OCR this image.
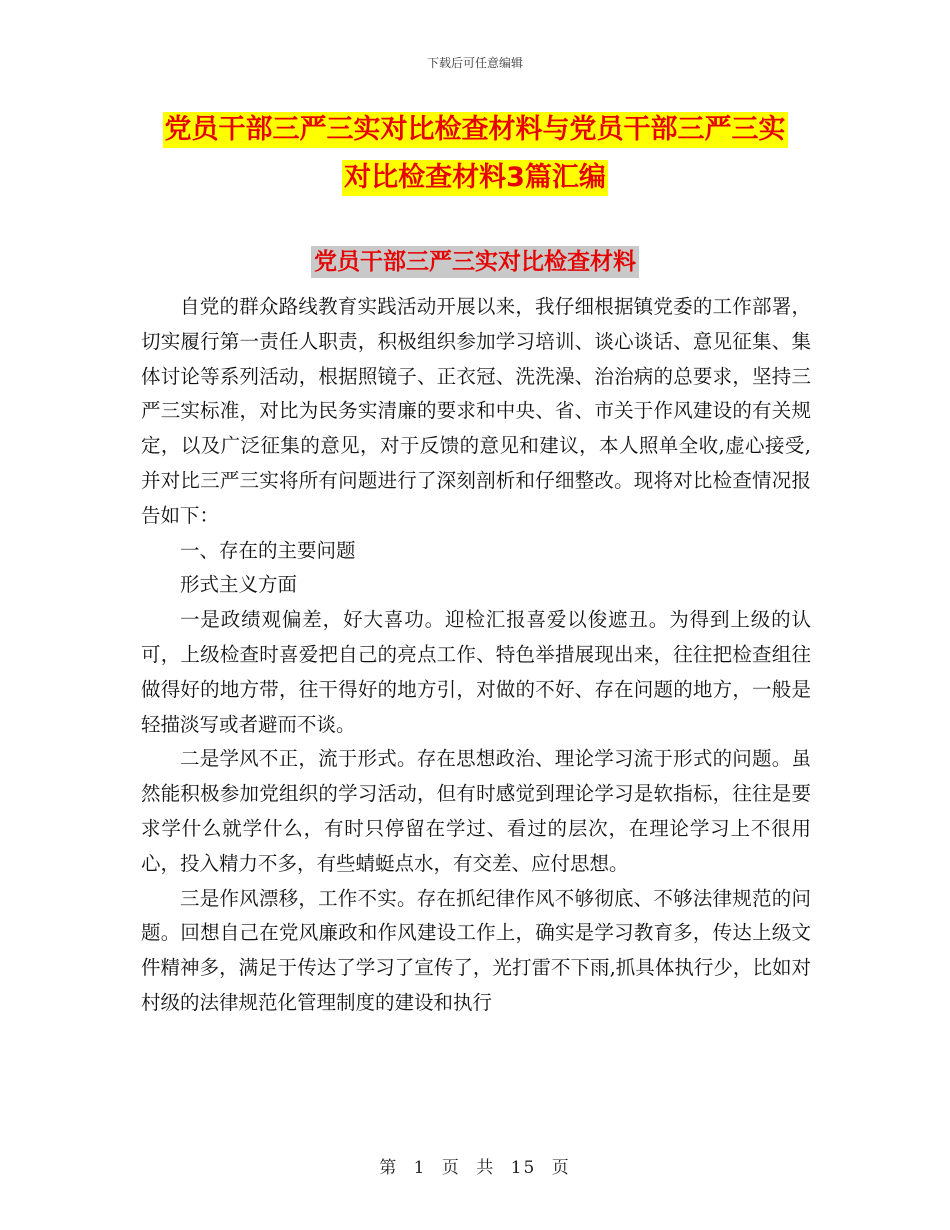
下载后可任意编辑
党员干部三严三实对比检查材料与党员干部三严三实
对比检查材料3篇汇编
党员干部三严三实对比检查材料

自党的群众路线教育实践活动开展以来，我仔细根据镇党委的工作部署，切实履行第一责任人职责，积极组织参加学习培训、谈心谈话、意见征集、集体讨论等系列活动，根据照镜子、正衣冠、洗洗澡、治治病的总要求，坚持三严三实标准，对比为民务实清廉的要求和中央、省、市关于作风建设的有关规定，以及广泛征集的意见，对于反馈的意见和建议，本人照单全收,虚心接受,并对比三严三实将所有问题进行了深刻剖析和仔细整改。现将对比检查情况报告如下：

一、存在的主要问题

形式主义方面

一是政绩观偏差，好大喜功。迎检汇报喜爱以俊遮丑。为得到上级的认可，上级检查时喜爱把自己的亮点工作、特色举措展现出来，往往把检查组往做得好的地方带，往干得好的地方引，对做的不好、存在问题的地方，一般是轻描淡写或者避而不谈。

二是学风不正，流于形式。存在思想政治、理论学习流于形式的问题。虽然能积极参加党组织的学习活动，但有时感觉到理论学习是软指标，往往是要求学什么就学什么，有时只停留在学过、看过的层次，在理论学习上不很用心，投入精力不多，有些蜻蜓点水，有交差、应付思想。

三是作风漂移，工作不实。存在抓纪律作风不够彻底、不够法律规范的问题。回想自己在党风廉政和作风建设工作上，确实是学习教育多，传达上级文件精神多，满足于传达了学习了宣传了，光打雷不下雨,抓具体执行少，比如对村级的法律规范化管理制度的建设和执行

第 1 页 共 15 页
